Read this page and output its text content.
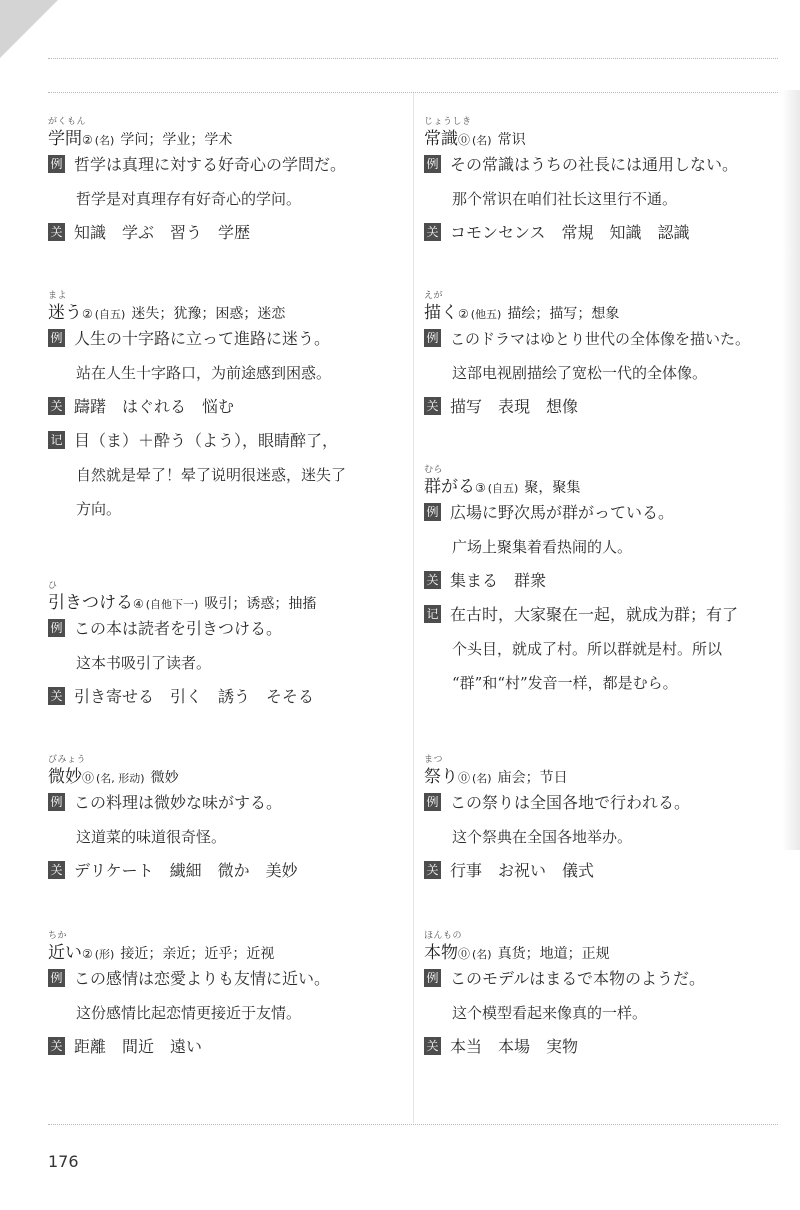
がくもん
学問② (名) 学问；学业；学术
例 哲学は真理に対する好奇心の学問だ。
哲学是对真理存有好奇心的学问。
关 知識　学ぶ　習う　学歴
まよ
迷う② (自五) 迷失；犹豫；困惑；迷恋
例 人生の十字路に立って進路に迷う。
站在人生十字路口，为前途感到困惑。
关 躊躇　はぐれる　悩む
记 目（ま）＋酔う（よう），眼睛醉了，
自然就是晕了！晕了说明很迷惑，迷失了
方向。
ひ
引きつける④ (自他下一) 吸引；诱惑；抽搐
例 この本は読者を引きつける。
这本书吸引了读者。
关 引き寄せる　引く　誘う　そそる
びみょう
微妙⓪ (名, 形动) 微妙
例 この料理は微妙な味がする。
这道菜的味道很奇怪。
关 デリケート　繊細　微か　美妙
ちか
近い② (形) 接近；亲近；近乎；近视
例 この感情は恋愛よりも友情に近い。
这份感情比起恋情更接近于友情。
关 距離　間近　遠い
じょうしき
常識⓪ (名) 常识
例 その常識はうちの社長には通用しない。
那个常识在咱们社长这里行不通。
关 コモンセンス　常規　知識　認識
えが
描く② (他五) 描绘；描写；想象
例 このドラマはゆとり世代の全体像を描いた。
这部电视剧描绘了宽松一代的全体像。
关 描写　表現　想像
むら
群がる③ (自五) 聚，聚集
例 広場に野次馬が群がっている。
广场上聚集着看热闹的人。
关 集まる　群衆
记 在古时，大家聚在一起，就成为群；有了
个头目，就成了村。所以群就是村。所以
“群”和“村”发音一样，都是むら。
まつ
祭り⓪ (名) 庙会；节日
例 この祭りは全国各地で行われる。
这个祭典在全国各地举办。
关 行事　お祝い　儀式
ほんもの
本物⓪ (名) 真货；地道；正规
例 このモデルはまるで本物のようだ。
这个模型看起来像真的一样。
关 本当　本場　実物
176
